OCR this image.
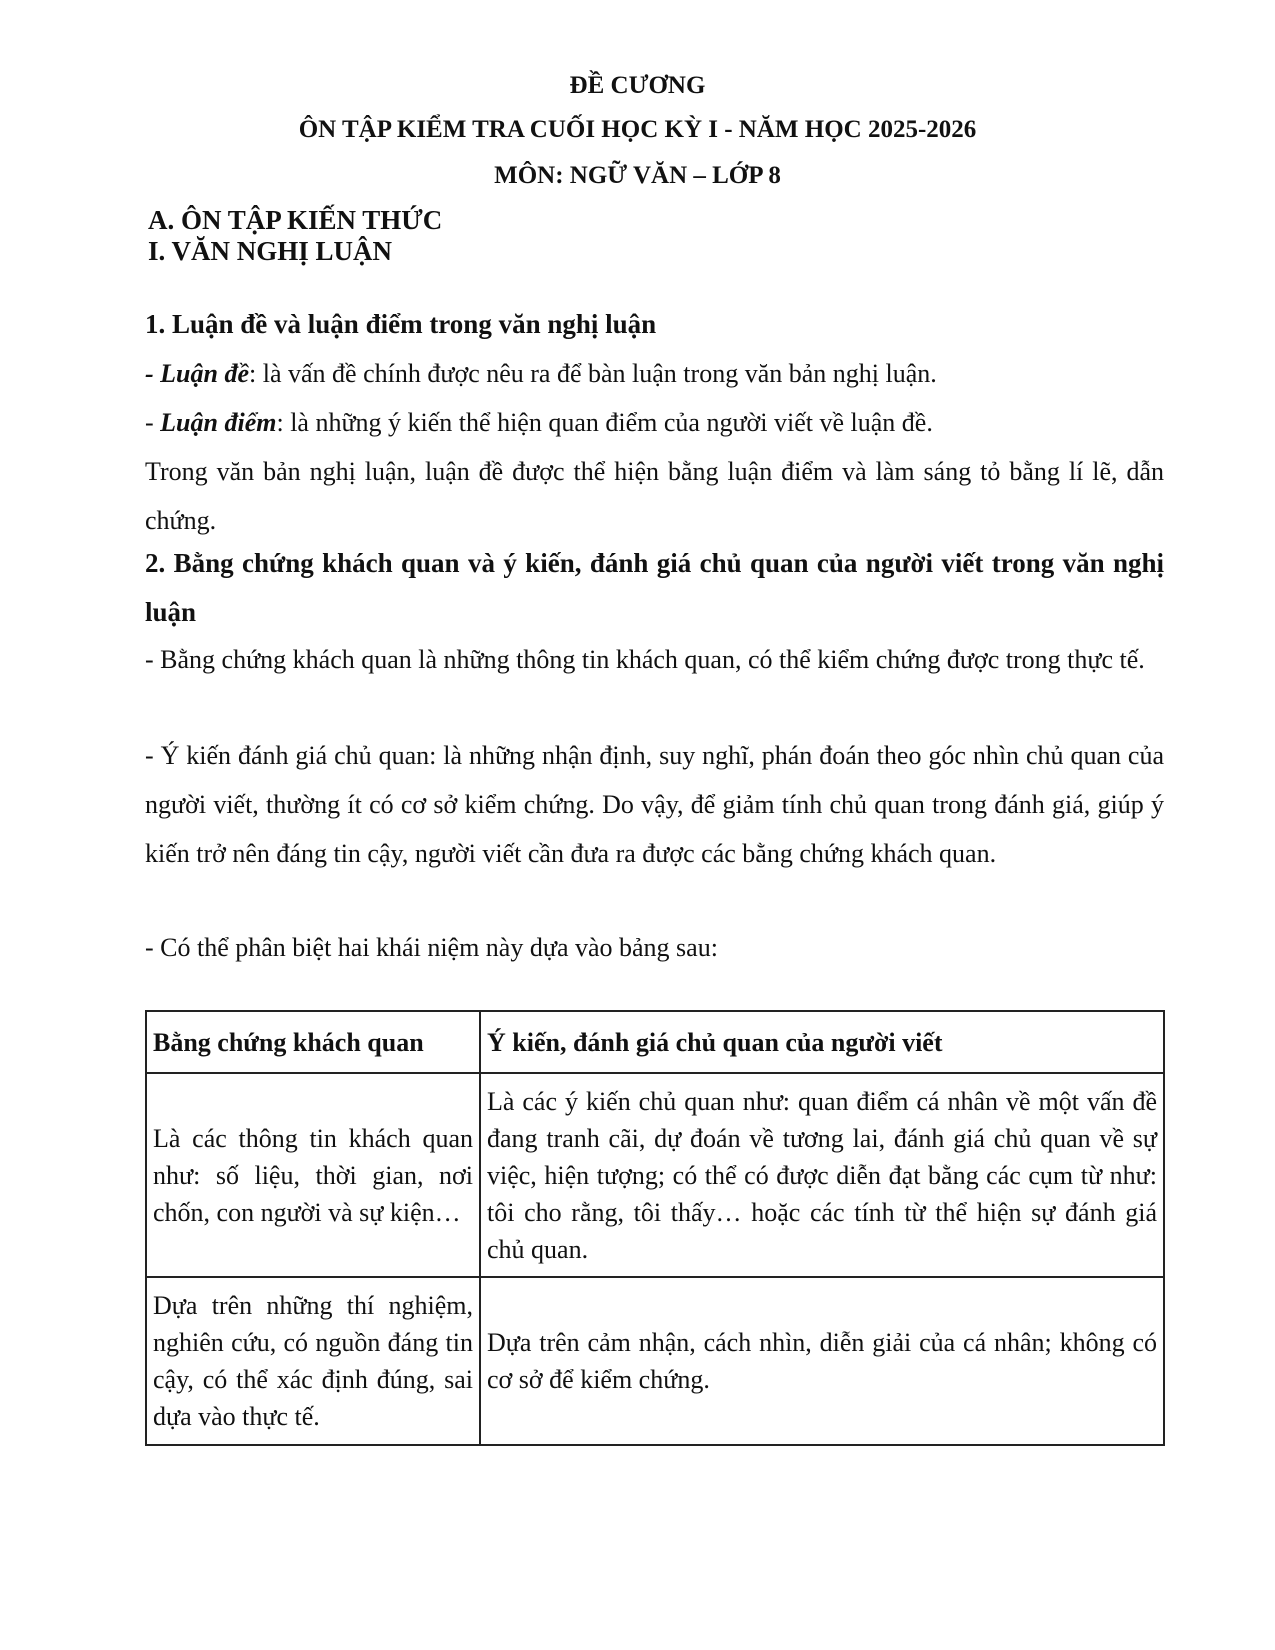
ĐỀ CƯƠNG
ÔN TẬP KIỂM TRA CUỐI HỌC KỲ I - NĂM HỌC 2025-2026
MÔN: NGỮ VĂN – LỚP 8
A. ÔN TẬP KIẾN THỨC
I. VĂN NGHỊ LUẬN
1. Luận đề và luận điểm trong văn nghị luận
- Luận đề: là vấn đề chính được nêu ra để bàn luận trong văn bản nghị luận.
- Luận điểm: là những ý kiến thể hiện quan điểm của người viết về luận đề.
Trong văn bản nghị luận, luận đề được thể hiện bằng luận điểm và làm sáng tỏ bằng lí lẽ, dẫn chứng.
2. Bằng chứng khách quan và ý kiến, đánh giá chủ quan của người viết trong văn nghị luận
- Bằng chứng khách quan là những thông tin khách quan, có thể kiểm chứng được trong thực tế.
- Ý kiến đánh giá chủ quan: là những nhận định, suy nghĩ, phán đoán theo góc nhìn chủ quan của người viết, thường ít có cơ sở kiểm chứng. Do vậy, để giảm tính chủ quan trong đánh giá, giúp ý kiến trở nên đáng tin cậy, người viết cần đưa ra được các bằng chứng khách quan.
- Có thể phân biệt hai khái niệm này dựa vào bảng sau:
Bằng chứng khách quan	Ý kiến, đánh giá chủ quan của người viết
Là các thông tin khách quan như: số liệu, thời gian, nơi chốn, con người và sự kiện…	Là các ý kiến chủ quan như: quan điểm cá nhân về một vấn đề đang tranh cãi, dự đoán về tương lai, đánh giá chủ quan về sự việc, hiện tượng; có thể có được diễn đạt bằng các cụm từ như: tôi cho rằng, tôi thấy… hoặc các tính từ thể hiện sự đánh giá chủ quan.
Dựa trên những thí nghiệm, nghiên cứu, có nguồn đáng tin cậy, có thể xác định đúng, sai dựa vào thực tế.	Dựa trên cảm nhận, cách nhìn, diễn giải của cá nhân; không có cơ sở để kiểm chứng.
